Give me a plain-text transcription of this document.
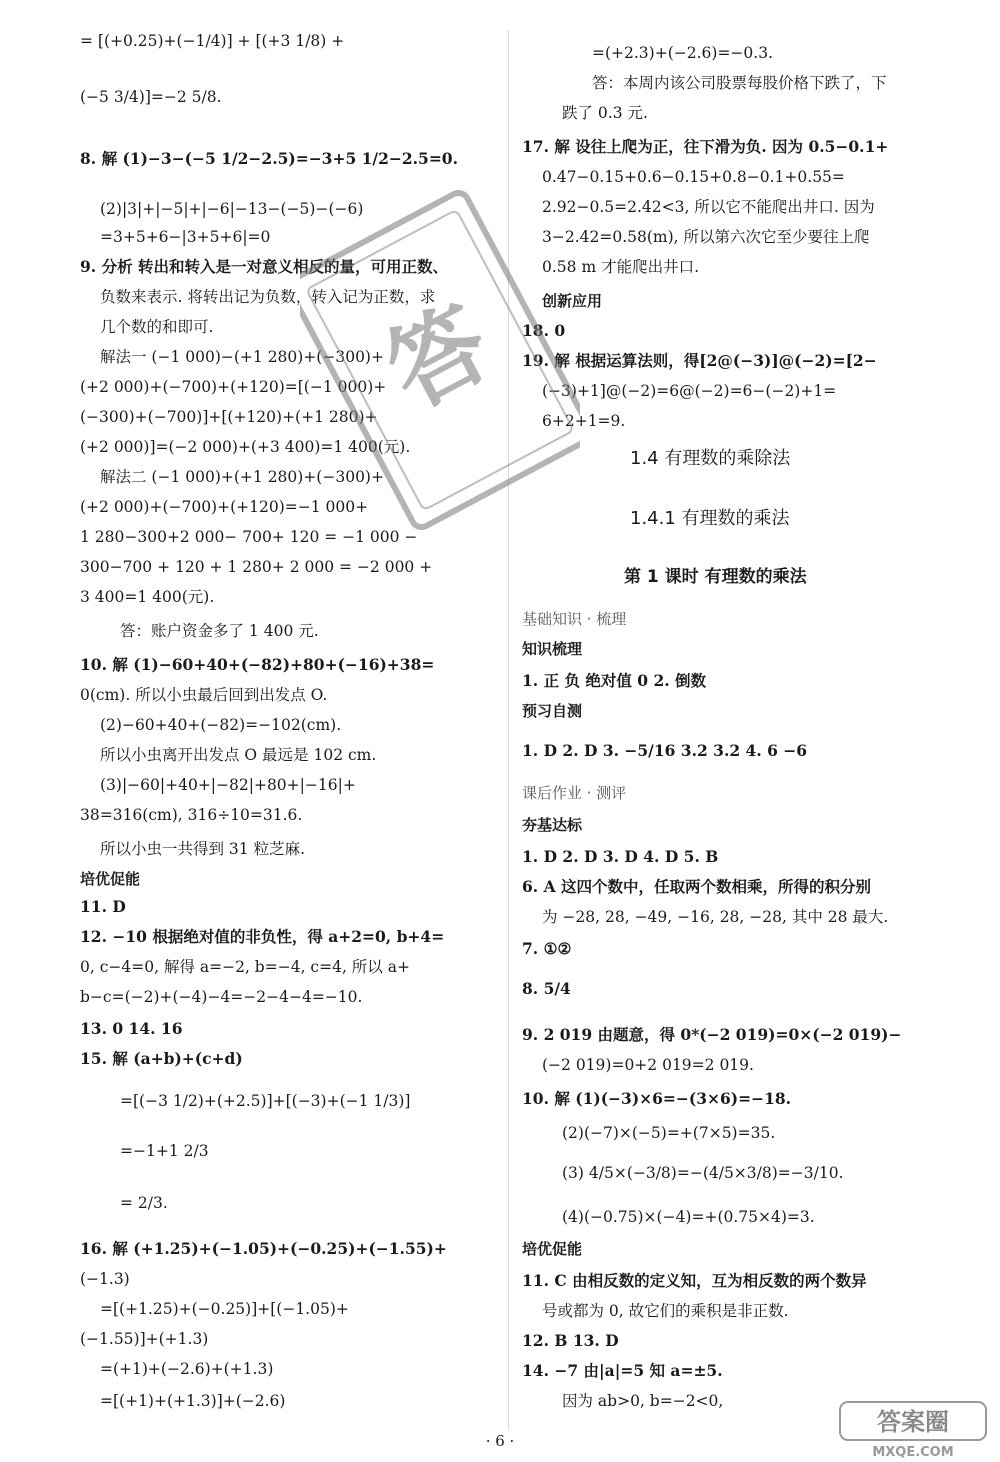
= [(+0.25)+(−1/4)] + [(+3 1/8) +
(−5 3/4)]=−2 5/8.
8. 解 (1)−3−(−5 1/2−2.5)=−3+5 1/2−2.5=0.
(2)|3|+|−5|+|−6|−13−(−5)−(−6)
=3+5+6−|3+5+6|=0
9. 分析 转出和转入是一对意义相反的量，可用正数、
负数来表示. 将转出记为负数，转入记为正数，求
几个数的和即可.
解法一 (−1 000)−(+1 280)+(−300)+
(+2 000)+(−700)+(+120)=[(−1 000)+
(−300)+(−700)]+[(+120)+(+1 280)+
(+2 000)]=(−2 000)+(+3 400)=1 400(元).
解法二 (−1 000)+(+1 280)+(−300)+
(+2 000)+(−700)+(+120)=−1 000+
1 280−300+2 000− 700+ 120 = −1 000 −
300−700 + 120 + 1 280+ 2 000 = −2 000 +
3 400=1 400(元).
答：账户资金多了 1 400 元.
10. 解 (1)−60+40+(−82)+80+(−16)+38=
0(cm). 所以小虫最后回到出发点 O.
(2)−60+40+(−82)=−102(cm).
所以小虫离开出发点 O 最远是 102 cm.
(3)|−60|+40+|−82|+80+|−16|+
38=316(cm), 316÷10=31.6.
所以小虫一共得到 31 粒芝麻.
培优促能
11. D
12. −10 根据绝对值的非负性，得 a+2=0, b+4=
0, c−4=0, 解得 a=−2, b=−4, c=4, 所以 a+
b−c=(−2)+(−4)−4=−2−4−4=−10.
13. 0 14. 16
15. 解 (a+b)+(c+d)
=[(−3 1/2)+(+2.5)]+[(−3)+(−1 1/3)]
=−1+1 2/3
= 2/3.
16. 解 (+1.25)+(−1.05)+(−0.25)+(−1.55)+
(−1.3)
=[(+1.25)+(−0.25)]+[(−1.05)+
(−1.55)]+(+1.3)
=(+1)+(−2.6)+(+1.3)
=[(+1)+(+1.3)]+(−2.6)
=(+2.3)+(−2.6)=−0.3.
答：本周内该公司股票每股价格下跌了，下
跌了 0.3 元.
17. 解 设往上爬为正，往下滑为负. 因为 0.5−0.1+
0.47−0.15+0.6−0.15+0.8−0.1+0.55=
2.92−0.5=2.42<3, 所以它不能爬出井口. 因为
3−2.42=0.58(m), 所以第六次它至少要往上爬
0.58 m 才能爬出井口.
创新应用
18. 0
19. 解 根据运算法则，得[2@(−3)]@(−2)=[2−
(−3)+1]@(−2)=6@(−2)=6−(−2)+1=
6+2+1=9.
1.4 有理数的乘除法
1.4.1 有理数的乘法
第 1 课时 有理数的乘法
基础知识 · 梳理
知识梳理
1. 正 负 绝对值 0 2. 倒数
预习自测
1. D 2. D 3. −5/16 3.2 3.2 4. 6 −6
课后作业 · 测评
夯基达标
1. D 2. D 3. D 4. D 5. B
6. A 这四个数中，任取两个数相乘，所得的积分别
为 −28, 28, −49, −16, 28, −28, 其中 28 最大.
7. ①②
8. 5/4
9. 2 019 由题意，得 0*(−2 019)=0×(−2 019)−
(−2 019)=0+2 019=2 019.
10. 解 (1)(−3)×6=−(3×6)=−18.
(2)(−7)×(−5)=+(7×5)=35.
(3) 4/5×(−3/8)=−(4/5×3/8)=−3/10.
(4)(−0.75)×(−4)=+(0.75×4)=3.
培优促能
11. C 由相反数的定义知，互为相反数的两个数异
号或都为 0, 故它们的乘积是非正数.
12. B 13. D
14. −7 由|a|=5 知 a=±5.
因为 ab>0, b=−2<0,
答
· 6 ·
答案圈
MXQE.COM
